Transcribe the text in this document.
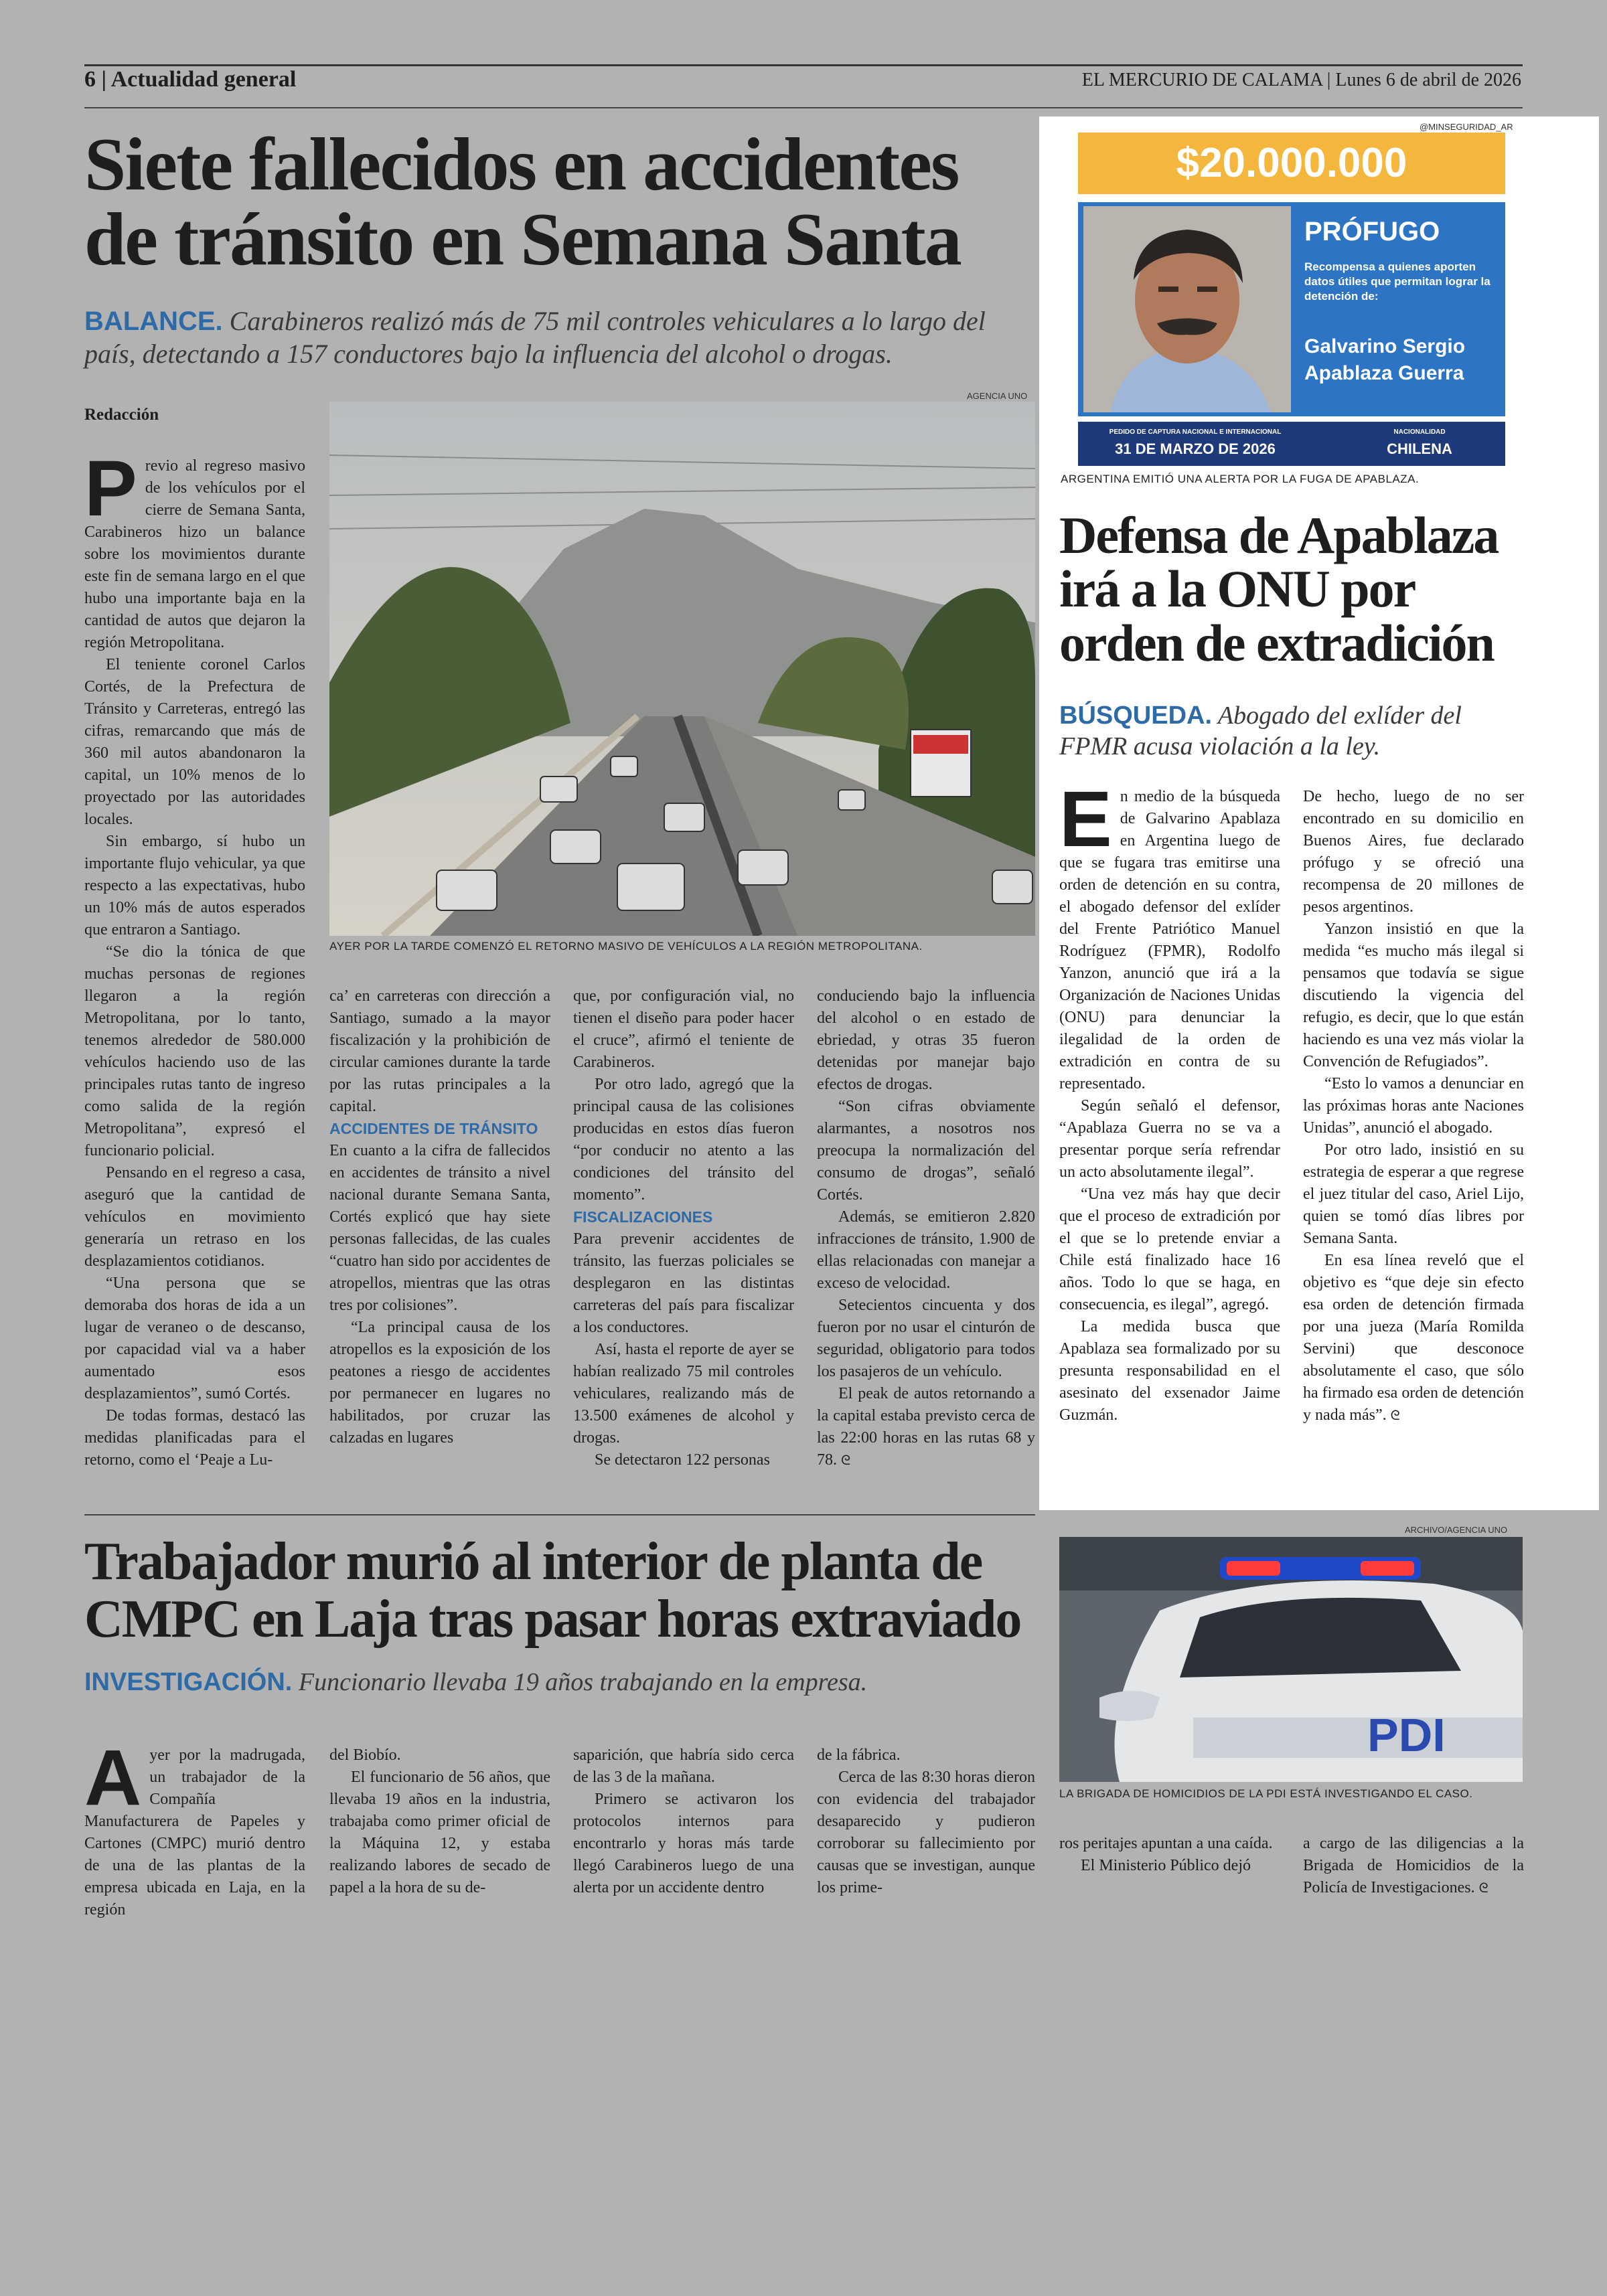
6 | Actualidad general	EL MERCURIO DE CALAMA | Lunes 6 de abril de 2026
Siete fallecidos en accidentes de tránsito en Semana Santa
BALANCE. Carabineros realizó más de 75 mil controles vehiculares a lo largo del país, detectando a 157 conductores bajo la influencia del alcohol o drogas.
Redacción
AGENCIA UNO
AYER POR LA TARDE COMENZÓ EL RETORNO MASIVO DE VEHÍCULOS A LA REGIÓN METROPOLITANA.
P revio al regreso masivo de los vehículos por el cierre de Semana Santa, Carabineros hizo un balance sobre los movimientos durante este fin de semana largo en el que hubo una importante baja en la cantidad de autos que dejaron la región Metropolitana.

El teniente coronel Carlos Cortés, de la Prefectura de Tránsito y Carreteras, entregó las cifras, remarcando que más de 360 mil autos abandonaron la capital, un 10% menos de lo proyectado por las autoridades locales.

Sin embargo, sí hubo un importante flujo vehicular, ya que respecto a las expectativas, hubo un 10% más de autos esperados que entraron a Santiago.

“Se dio la tónica de que muchas personas de regiones llegaron a la región Metropolitana, por lo tanto, tenemos alrededor de 580.000 vehículos haciendo uso de las principales rutas tanto de ingreso como salida de la región Metropolitana”, expresó el funcionario policial.

Pensando en el regreso a casa, aseguró que la cantidad de vehículos en movimiento generaría un retraso en los desplazamientos cotidianos.

“Una persona que se demoraba dos horas de ida a un lugar de veraneo o de descanso, por capacidad vial va a haber aumentado esos desplazamientos”, sumó Cortés.

De todas formas, destacó las medidas planificadas para el retorno, como el ‘Peaje a Lu-

ca’ en carreteras con dirección a Santiago, sumado a la mayor fiscalización y la prohibición de circular camiones durante la tarde por las rutas principales a la capital.

ACCIDENTES DE TRÁNSITO

En cuanto a la cifra de fallecidos en accidentes de tránsito a nivel nacional durante Semana Santa, Cortés explicó que hay siete personas fallecidas, de las cuales “cuatro han sido por accidentes de atropellos, mientras que las otras tres por colisiones”.

“La principal causa de los atropellos es la exposición de los peatones a riesgo de accidentes por permanecer en lugares no habilitados, por cruzar las calzadas en lugares

que, por configuración vial, no tienen el diseño para poder hacer el cruce”, afirmó el teniente de Carabineros.

Por otro lado, agregó que la principal causa de las colisiones producidas en estos días fueron “por conducir no atento a las condiciones del tránsito del momento”.

FISCALIZACIONES

Para prevenir accidentes de tránsito, las fuerzas policiales se desplegaron en las distintas carreteras del país para fiscalizar a los conductores.

Así, hasta el reporte de ayer se habían realizado 75 mil controles vehiculares, realizando más de 13.500 exámenes de alcohol y drogas.

Se detectaron 122 personas

conduciendo bajo la influencia del alcohol o en estado de ebriedad, y otras 35 fueron detenidas por manejar bajo efectos de drogas.

“Son cifras obviamente alarmantes, a nosotros nos preocupa la normalización del consumo de drogas”, señaló Cortés.

Además, se emitieron 2.820 infracciones de tránsito, 1.900 de ellas relacionadas con manejar a exceso de velocidad.

Setecientos cincuenta y dos fueron por no usar el cinturón de seguridad, obligatorio para todos los pasajeros de un vehículo.

El peak de autos retornando a la capital estaba previsto cerca de las 22:00 horas en las rutas 68 y 78. ᘓ

@MINSEGURIDAD_AR
$20.000.000
PRÓFUGO
Recompensa a quienes aporten datos útiles que permitan lograr la detención de:
Galvarino Sergio
Apablaza Guerra
PEDIDO DE CAPTURA NACIONAL E INTERNACIONAL
31 DE MARZO DE 2026
NACIONALIDAD
CHILENA
ARGENTINA EMITIÓ UNA ALERTA POR LA FUGA DE APABLAZA.
Defensa de Apablaza irá a la ONU por orden de extradición
BÚSQUEDA. Abogado del exlíder del FPMR acusa violación a la ley.
E n medio de la búsqueda de Galvarino Apablaza en Argentina luego de que se fugara tras emitirse una orden de detención en su contra, el abogado defensor del exlíder del Frente Patriótico Manuel Rodríguez (FPMR), Rodolfo Yanzon, anunció que irá a la Organización de Naciones Unidas (ONU) para denunciar la ilegalidad de la orden de extradición en contra de su representado.

Según señaló el defensor, “Apablaza Guerra no se va a presentar porque sería refrendar un acto absolutamente ilegal”.

“Una vez más hay que decir que el proceso de extradición por el que se lo pretende enviar a Chile está finalizado hace 16 años. Todo lo que se haga, en consecuencia, es ilegal”, agregó.

La medida busca que Apablaza sea formalizado por su presunta responsabilidad en el asesinato del exsenador Jaime Guzmán.

De hecho, luego de no ser encontrado en su domicilio en Buenos Aires, fue declarado prófugo y se ofreció una recompensa de 20 millones de pesos argentinos.

Yanzon insistió en que la medida “es mucho más ilegal si pensamos que todavía se sigue discutiendo la vigencia del refugio, es decir, que lo que están haciendo es una vez más violar la Convención de Refugiados”.

“Esto lo vamos a denunciar en las próximas horas ante Naciones Unidas”, anunció el abogado.

Por otro lado, insistió en su estrategia de esperar a que regrese el juez titular del caso, Ariel Lijo, quien se tomó días libres por Semana Santa.

En esa línea reveló que el objetivo es “que deje sin efecto esa orden de detención firmada por una jueza (María Romilda Servini) que desconoce absolutamente el caso, que sólo ha firmado esa orden de detención y nada más”. ᘓ

Trabajador murió al interior de planta de CMPC en Laja tras pasar horas extraviado
INVESTIGACIÓN. Funcionario llevaba 19 años trabajando en la empresa.
ARCHIVO/AGENCIA UNO
PDI
LA BRIGADA DE HOMICIDIOS DE LA PDI ESTÁ INVESTIGANDO EL CASO.
A yer por la madrugada, un trabajador de la Compañía Manufacturera de Papeles y Cartones (CMPC) murió dentro de una de las plantas de la empresa ubicada en Laja, en la región

del Biobío.

El funcionario de 56 años, que llevaba 19 años en la industria, trabajaba como primer oficial de la Máquina 12, y estaba realizando labores de secado de papel a la hora de su de-

saparición, que habría sido cerca de las 3 de la mañana.

Primero se activaron los protocolos internos para encontrarlo y horas más tarde llegó Carabineros luego de una alerta por un accidente dentro

de la fábrica.

Cerca de las 8:30 horas dieron con evidencia del trabajador desaparecido y pudieron corroborar su fallecimiento por causas que se investigan, aunque los prime-

ros peritajes apuntan a una caída.

El Ministerio Público dejó

a cargo de las diligencias a la Brigada de Homicidios de la Policía de Investigaciones. ᘓ
